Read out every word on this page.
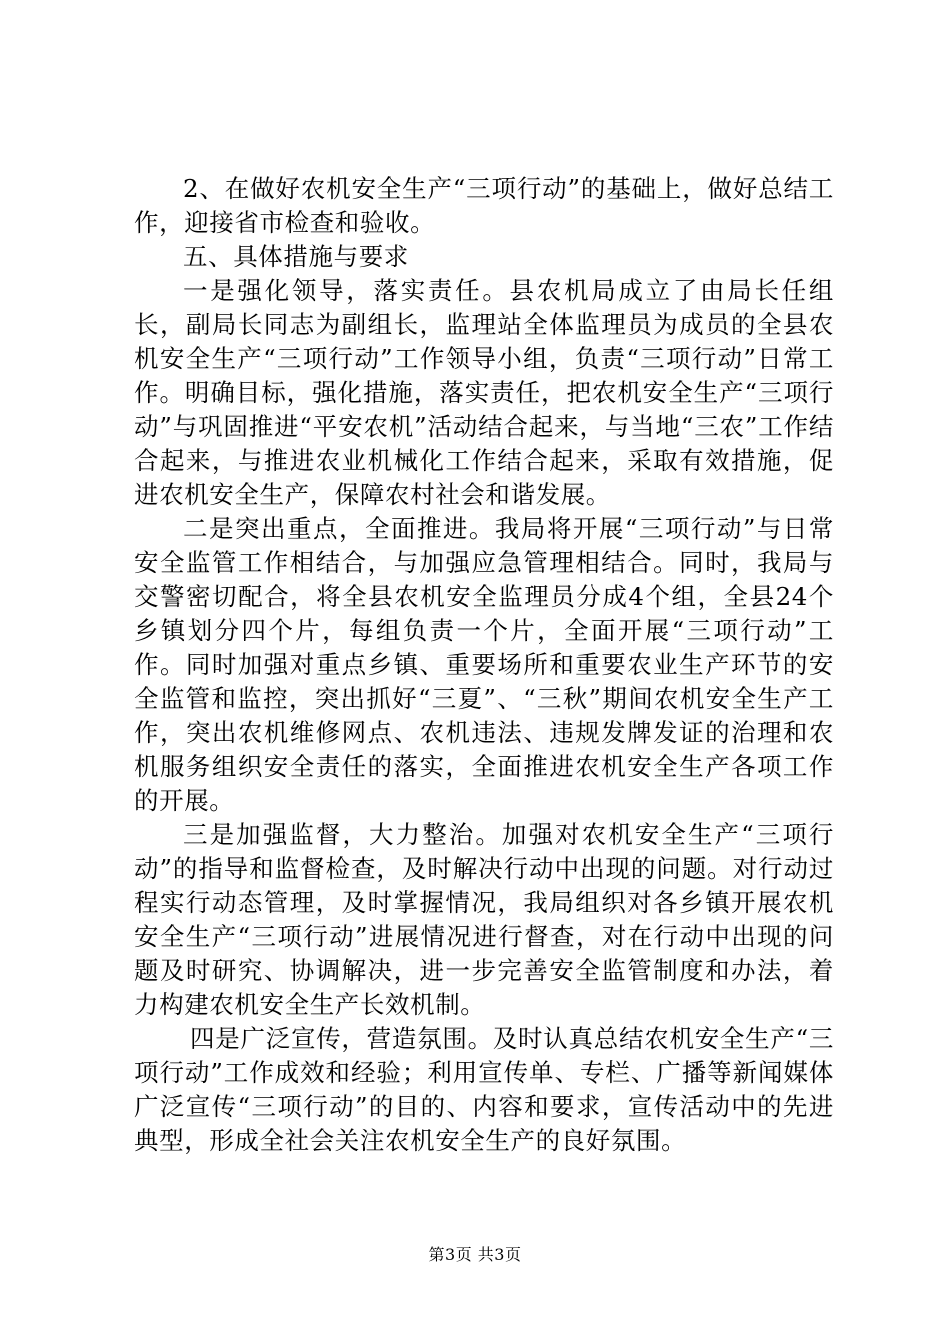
2、在做好农机安全生产“三项行动”的基础上，做好总结工作，迎接省市检查和验收。

五、具体措施与要求

一是强化领导，落实责任。县农机局成立了由局长任组长，副局长同志为副组长，监理站全体监理员为成员的全县农机安全生产“三项行动”工作领导小组，负责“三项行动”日常工作。明确目标，强化措施，落实责任，把农机安全生产“三项行动”与巩固推进“平安农机”活动结合起来，与当地“三农”工作结合起来，与推进农业机械化工作结合起来，采取有效措施，促进农机安全生产，保障农村社会和谐发展。

二是突出重点，全面推进。我局将开展“三项行动”与日常安全监管工作相结合，与加强应急管理相结合。同时，我局与交警密切配合，将全县农机安全监理员分成4个组，全县24个乡镇划分四个片，每组负责一个片，全面开展“三项行动”工作。同时加强对重点乡镇、重要场所和重要农业生产环节的安全监管和监控，突出抓好“三夏”、“三秋”期间农机安全生产工作，突出农机维修网点、农机违法、违规发牌发证的治理和农机服务组织安全责任的落实，全面推进农机安全生产各项工作的开展。

三是加强监督，大力整治。加强对农机安全生产“三项行动”的指导和监督检查，及时解决行动中出现的问题。对行动过程实行动态管理，及时掌握情况，我局组织对各乡镇开展农机安全生产“三项行动”进展情况进行督查，对在行动中出现的问题及时研究、协调解决，进一步完善安全监管制度和办法，着力构建农机安全生产长效机制。

四是广泛宣传，营造氛围。及时认真总结农机安全生产“三项行动”工作成效和经验；利用宣传单、专栏、广播等新闻媒体广泛宣传“三项行动”的目的、内容和要求，宣传活动中的先进典型，形成全社会关注农机安全生产的良好氛围。

第3页 共3页
